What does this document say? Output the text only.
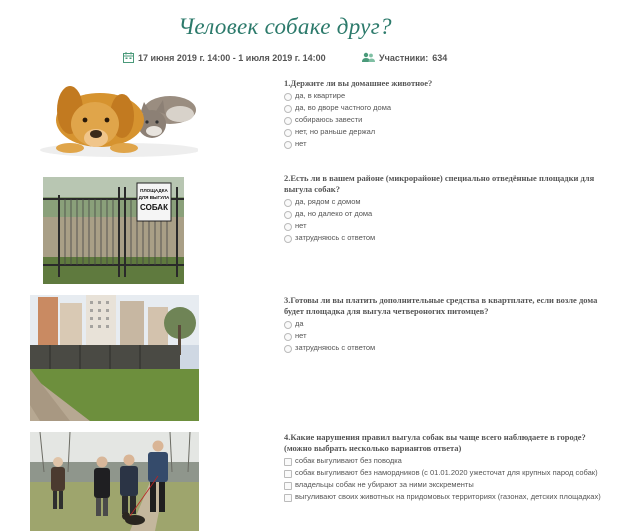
Человек собаке друг?
17 июня 2019 г. 14:00 - 1 июля 2019 г. 14:00	Участники: 634
ПЛОЩАДКА
ДЛЯ ВЫГУЛА
СОБАК
1.Держите ли вы домашнее животное?
да, в квартире
да, во дворе частного дома
собираюсь завести
нет, но раньше держал
нет
2.Есть ли в вашем районе (микрорайоне) специально отведённые площадки для выгула собак?
да, рядом с домом
да, но далеко от дома
нет
затрудняюсь с ответом
3.Готовы ли вы платить дополнительные средства в квартплате, если возле дома будет площадка для выгула четвероногих питомцев?
да
нет
затрудняюсь с ответом
4.Какие нарушения правил выгула собак вы чаще всего наблюдаете в городе? (можно выбрать несколько вариантов ответа)
собак выгуливают без поводка
собак выгуливают без намордников (с 01.01.2020 ужесточат для крупных парод собак)
владельцы собак не убирают за ними экскременты
выгуливают своих животных на придомовых территориях (газонах, детских площадках)
